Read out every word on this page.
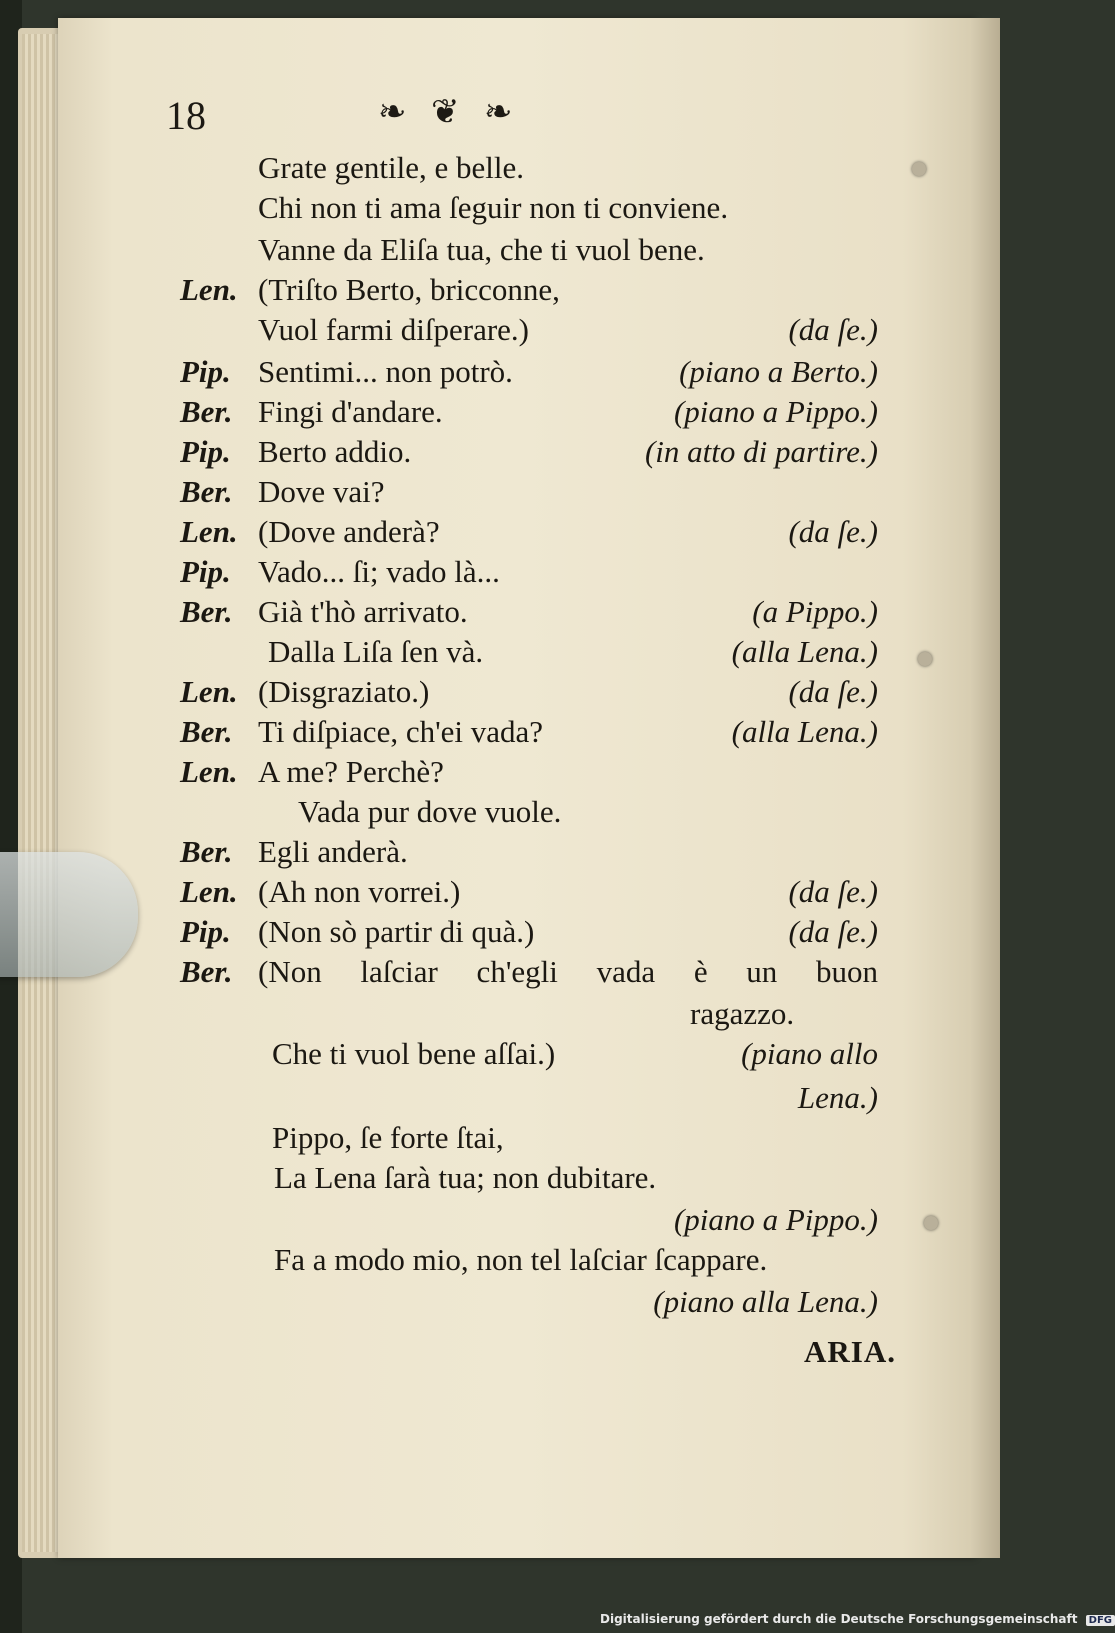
18	❧ ❦ ❧
Grate gentile, e belle.
Chi non ti ama ſeguir non ti conviene.
Vanne da Eliſa tua, che ti vuol bene.
Len. (Triſto Berto, bricconne,
Vuol farmi diſperare.)	(da ſe.)
Pip. Sentimi... non potrò.	(piano a Berto.)
Ber. Fingi d'andare.	(piano a Pippo.)
Pip. Berto addio.	(in atto di partire.)
Ber. Dove vai?
Len. (Dove anderà?	(da ſe.)
Pip. Vado... ſi; vado là...
Ber. Già t'hò arrivato.	(a Pippo.)
Dalla Liſa ſen và.	(alla Lena.)
Len. (Disgraziato.)	(da ſe.)
Ber. Ti diſpiace, ch'ei vada?	(alla Lena.)
Len. A me? Perchè?
Vada pur dove vuole.
Ber. Egli anderà.
Len. (Ah non vorrei.)	(da ſe.)
Pip. (Non sò partir di quà.)	(da ſe.)
Ber. (Non laſciar ch'egli vada è un buon
ragazzo.
Che ti vuol bene aſſai.)	(piano allo
Lena.)
Pippo, ſe forte ſtai,
La Lena ſarà tua; non dubitare.
(piano a Pippo.)
Fa a modo mio, non tel laſciar ſcappare.
(piano alla Lena.)
ARIA.
Digitalisierung gefördert durch die Deutsche Forschungsgemeinschaft DFG
